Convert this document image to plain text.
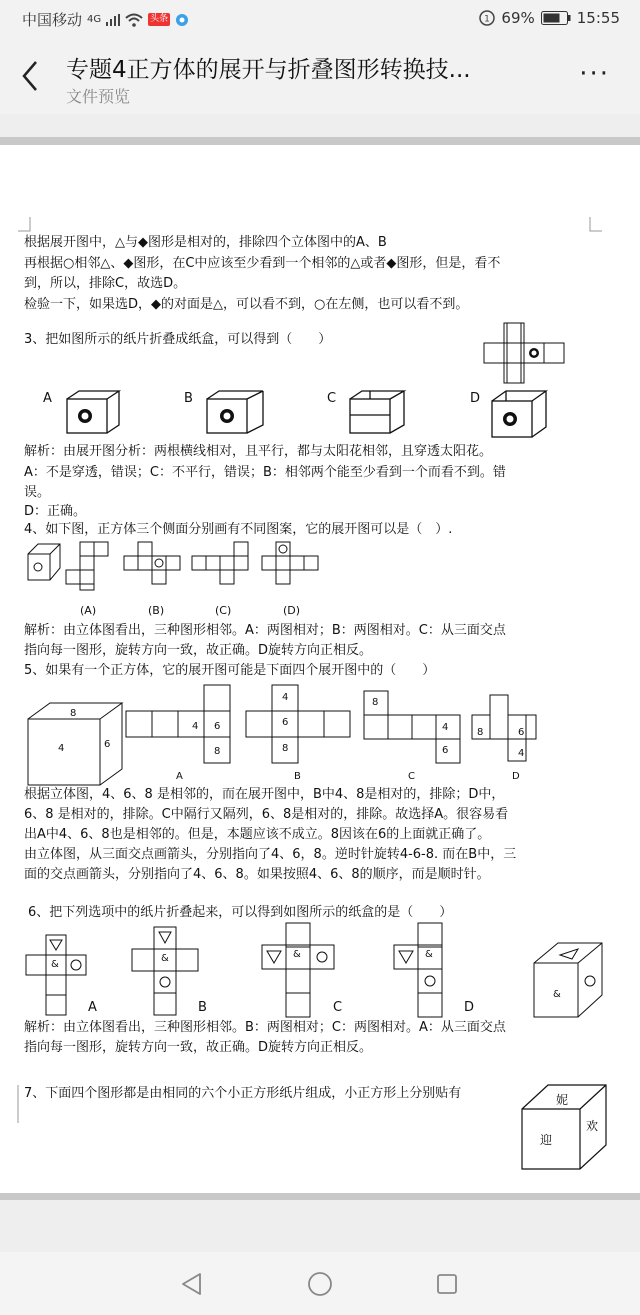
中国移动 4G	头条	1 69%	15:55
专题4正方体的展开与折叠图形转换技...
文件预览
···
根据展开图中，△与◆图形是相对的，排除四个立体图中的A、B
再根据○相邻△、◆图形，在C中应该至少看到一个相邻的△或者◆图形，但是，看不
到，所以，排除C，故选D。
检验一下，如果选D，◆的对面是△，可以看不到，○在左侧，也可以看不到。
3、把如图所示的纸片折叠成纸盒，可以得到（　　）
A	B	C	D
解析：由展开图分析：两根横线相对，且平行，都与太阳花相邻，且穿透太阳花。
A：不是穿透，错误；C：不平行，错误；B：相邻两个能至少看到一个而看不到。错
误。
D：正确。
4、如下图，正方体三个侧面分别画有不同图案，它的展开图可以是（　）.
(A)	(B)	(C)	(D)
解析：由立体图看出，三种图形相邻。A：两图相对；B：两图相对。C：从三面交点
指向每一图形，旋转方向一致，故正确。D旋转方向正相反。
5、如果有一个正方体，它的展开图可能是下面四个展开图中的（　　）
8
4	6
4 6
8
4
6
8
8
4
6
8	6
4
A	B	C	D
根据立体图，4、6、8 是相邻的，而在展开图中，B中4、8是相对的，排除；D中，
6、8 是相对的，排除。C中隔行又隔列，6、8是相对的，排除。故选择A。很容易看
出A中4、6、8也是相邻的。但是，本题应该不成立。8因该在6的上面就正确了。
由立体图，从三面交点画箭头，分别指向了4、6，8。逆时针旋转4-6-8. 而在B中，三
面的交点画箭头，分别指向了4、6、8。如果按照4、6、8的顺序，而是顺时针。
6、把下列选项中的纸片折叠起来，可以得到如图所示的纸盒的是（　　）
&
A
&
B
&
C
&
D
&
解析：由立体图看出，三种图形相邻。B：两图相对；C：两图相对。A：从三面交点
指向每一图形，旋转方向一致，故正确。D旋转方向正相反。
7、下面四个图形都是由相同的六个小正方形纸片组成，小正方形上分别贴有	妮
欢
迎
